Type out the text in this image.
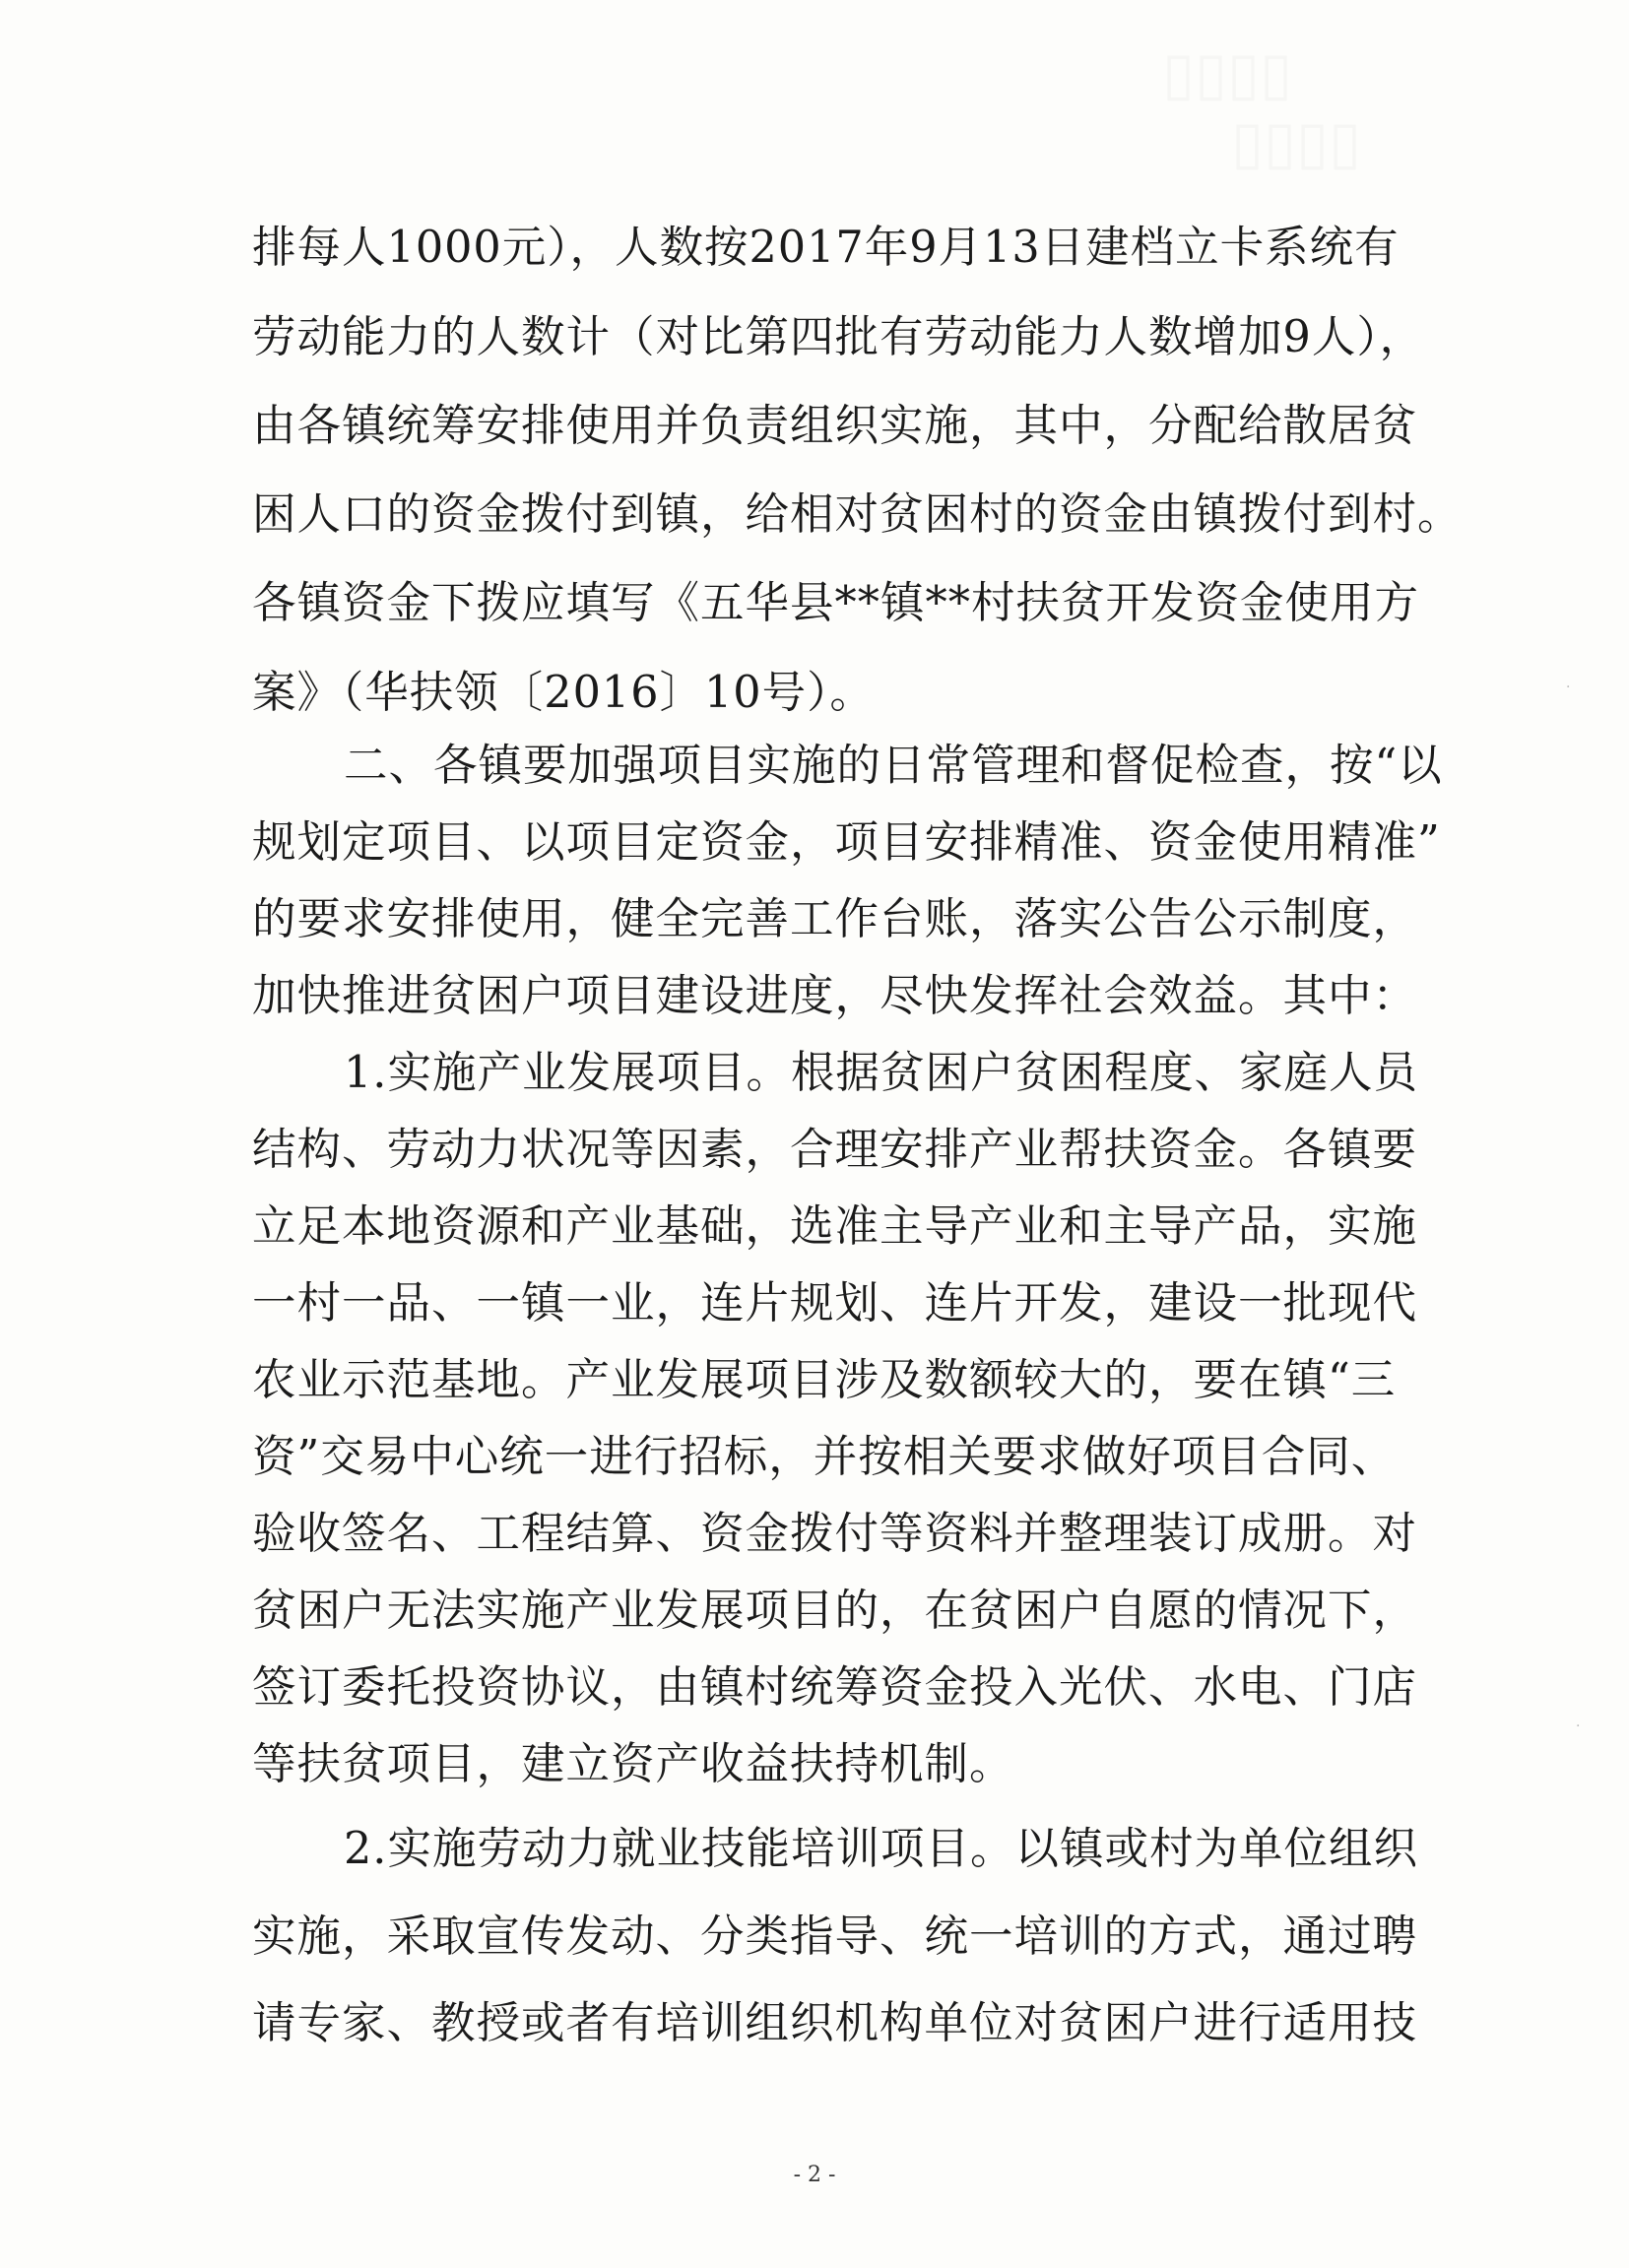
▯▯▯▯
▯▯▯▯
·
·
排每人1000元），人数按2017年9月13日建档立卡系统有
劳动能力的人数计（对比第四批有劳动能力人数增加9人），
由各镇统筹安排使用并负责组织实施，其中，分配给散居贫
困人口的资金拨付到镇，给相对贫困村的资金由镇拨付到村。
各镇资金下拨应填写《五华县**镇**村扶贫开发资金使用方
案》（华扶领〔2016〕10号）。
二、各镇要加强项目实施的日常管理和督促检查，按“以
规划定项目、以项目定资金，项目安排精准、资金使用精准”
的要求安排使用，健全完善工作台账，落实公告公示制度，
加快推进贫困户项目建设进度，尽快发挥社会效益。其中：
1.实施产业发展项目。根据贫困户贫困程度、家庭人员
结构、劳动力状况等因素，合理安排产业帮扶资金。各镇要
立足本地资源和产业基础，选准主导产业和主导产品，实施
一村一品、一镇一业，连片规划、连片开发，建设一批现代
农业示范基地。产业发展项目涉及数额较大的，要在镇“三
资”交易中心统一进行招标，并按相关要求做好项目合同、
验收签名、工程结算、资金拨付等资料并整理装订成册。对
贫困户无法实施产业发展项目的，在贫困户自愿的情况下，
签订委托投资协议，由镇村统筹资金投入光伏、水电、门店
等扶贫项目，建立资产收益扶持机制。
2.实施劳动力就业技能培训项目。以镇或村为单位组织
实施，采取宣传发动、分类指导、统一培训的方式，通过聘
请专家、教授或者有培训组织机构单位对贫困户进行适用技
- 2 -
